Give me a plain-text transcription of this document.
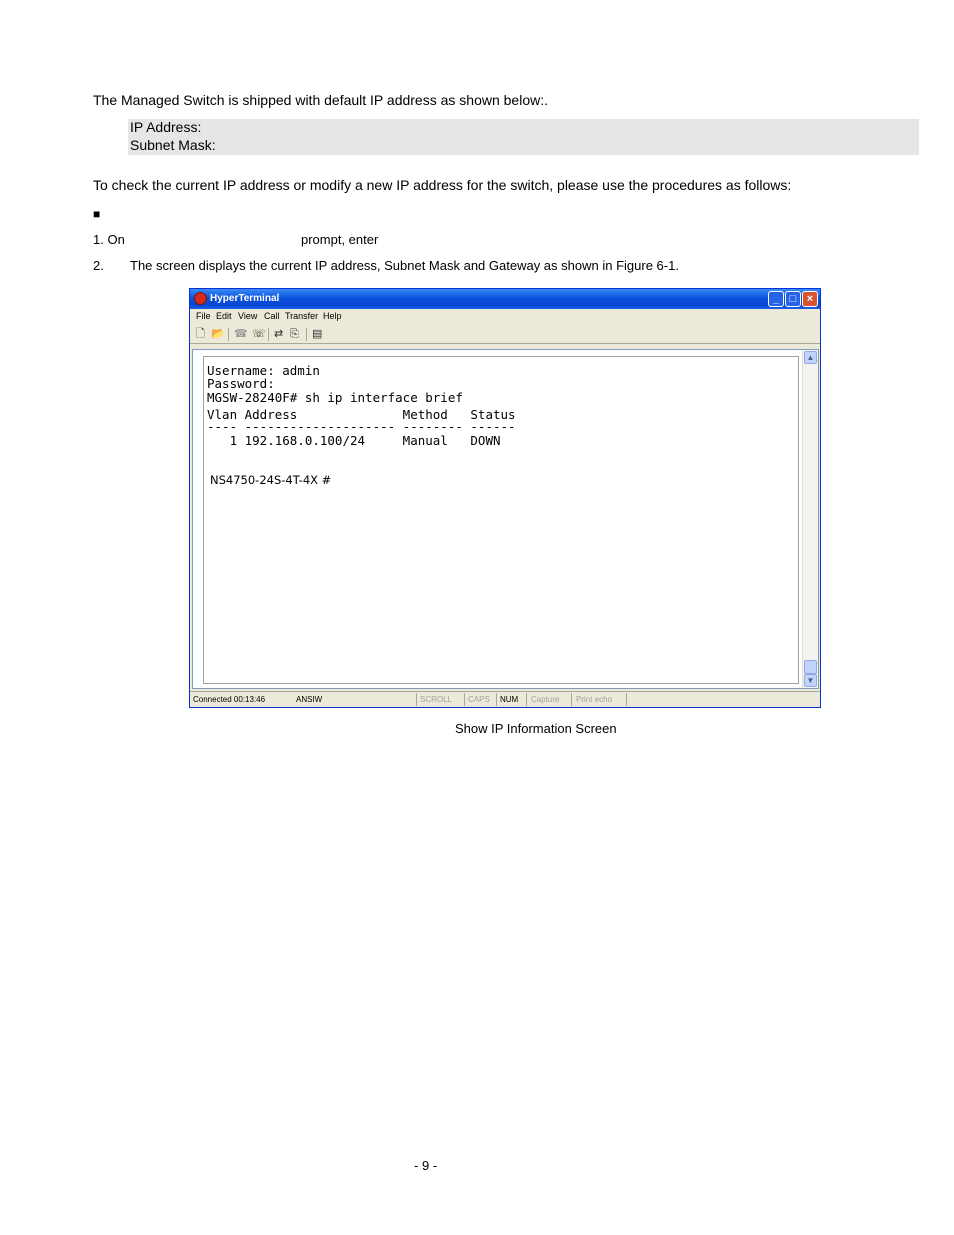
The Managed Switch is shipped with default IP address as shown below:.
IP Address:
Subnet Mask:
To check the current IP address or modify a new IP address for the switch, please use the procedures as follows:
■
1. On	prompt, enter
2. The screen displays the current IP address, Subnet Mask and Gateway as shown in Figure 6-1.
HyperTerminal	_ □ ×
File Edit View Call Transfer Help
🗋 📂 ☎ ☏ ⇄ ⎘ ▤
Username: admin
Password:
MGSW-28240F# sh ip interface brief
Vlan Address              Method   Status
---- -------------------- -------- ------
1 192.168.0.100/24     Manual   DOWN
NS4750-24S-4T-4X #
▲
▼
Connected 00:13:46	ANSIW	SCROLL CAPS NUM Capture Print echo
Show IP Information Screen
- 9 -
